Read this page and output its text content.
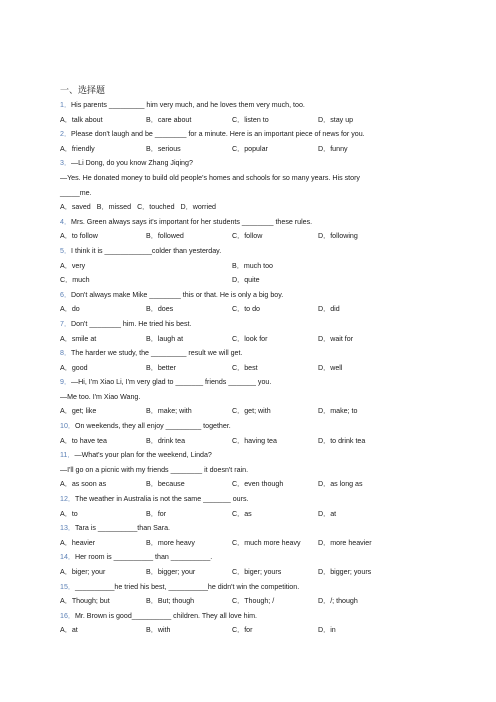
一、选择题
1．His parents _________ him very much, and he loves them very much, too.
A．talk about	B．care about	C．listen to	D．stay up
2．Please don't laugh and be ________ for a minute. Here is an important piece of news for you.
A．friendly	B．serious	C．popular	D．funny
3．—Li Dong, do you know Zhang Jiqing?
—Yes. He donated money to build old people's homes and schools for so many years. His story
_____me.
A．saved B．missed C．touched D．worried
4．Mrs. Green always says it's important for her students ________ these rules.
A．to follow	B．followed	C．follow	D．following
5．I think it is ____________colder than yesterday.
A．very	B．much too
C．much	D．quite
6．Don't always make Mike ________ this or that. He is only a big boy.
A．do	B．does	C．to do	D．did
7．Don't ________ him. He tried his best.
A．smile at	B．laugh at	C．look for	D．wait for
8．The harder we study, the _________ result we will get.
A．good	B．better	C．best	D．well
9．—Hi, I'm Xiao Li, I'm very glad to _______ friends _______ you.
—Me too. I'm Xiao Wang.
A．get; like	B．make; with	C．get; with	D．make; to
10．On weekends, they all enjoy _________ together.
A．to have tea	B．drink tea	C．having tea	D．to drink tea
11．—What's your plan for the weekend, Linda?
—I'll go on a picnic with my friends ________ it doesn't rain.
A．as soon as	B．because	C．even though	D．as long as
12．The weather in Australia is not the same _______ ours.
A．to	B．for	C．as	D．at
13．Tara is __________than Sara.
A．heavier	B．more heavy	C．much more heavy	D．more heavier
14．Her room is __________ than __________.
A．biger; your	B．bigger; your	C．biger; yours	D．bigger; yours
15．__________he tried his best, __________he didn't win the competition.
A．Though; but	B．But; though	C．Though; /	D．/; though
16．Mr. Brown is good__________ children. They all love him.
A．at	B．with	C．for	D．in
